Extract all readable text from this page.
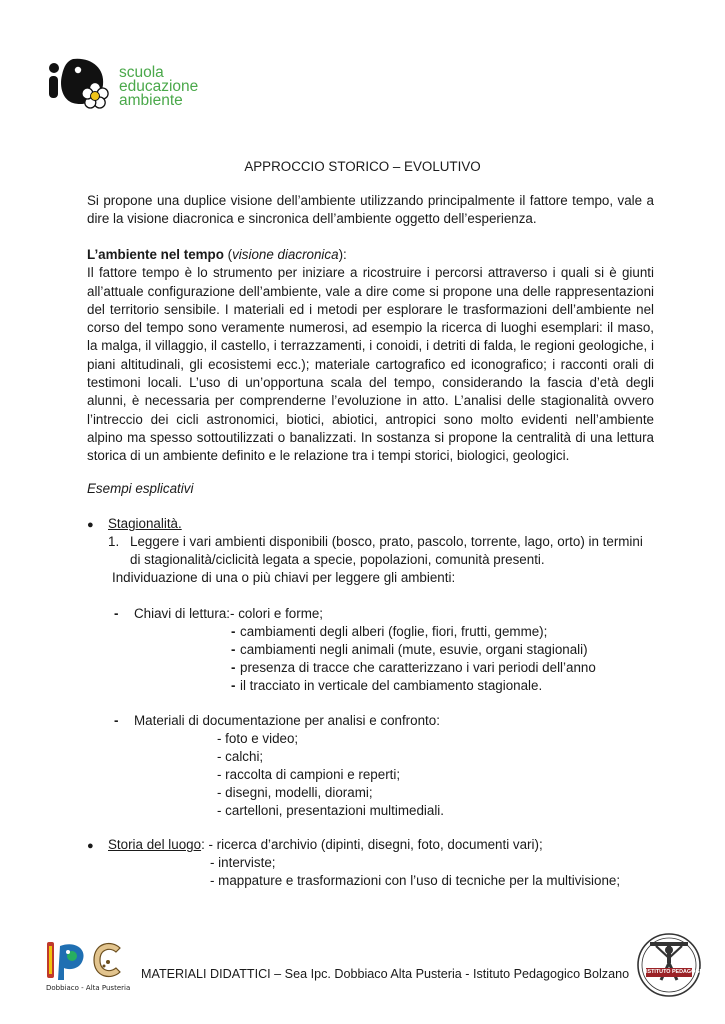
scuola
educazione
ambiente
APPROCCIO STORICO – EVOLUTIVO
Si propone una duplice visione dell’ambiente utilizzando principalmente il fattore tempo, vale a
dire la visione diacronica e sincronica dell’ambiente oggetto dell’esperienza.
L’ambiente nel tempo (visione diacronica):
Il fattore tempo è lo strumento per iniziare a ricostruire i percorsi attraverso i quali si è giunti
all’attuale configurazione dell’ambiente, vale a dire come si propone una delle rappresentazioni
del territorio sensibile. I materiali ed i metodi per esplorare le trasformazioni dell’ambiente nel
corso del tempo sono veramente numerosi, ad esempio la ricerca di luoghi esemplari: il maso,
la malga, il villaggio, il castello, i terrazzamenti, i conoidi, i detriti di falda, le regioni geologiche, i
piani altitudinali, gli ecosistemi ecc.); materiale cartografico ed iconografico; i racconti orali di
testimoni locali. L’uso di un’opportuna scala del tempo, considerando la fascia d’età degli
alunni, è necessaria per comprenderne l’evoluzione in atto. L’analisi delle stagionalità ovvero
l’intreccio dei cicli astronomici, biotici, abiotici, antropici sono molto evidenti nell’ambiente
alpino ma spesso sottoutilizzati o banalizzati. In sostanza si propone la centralità di una lettura
storica di un ambiente definito e le relazione tra i tempi storici, biologici, geologici.
Esempi esplicativi
● Stagionalità.
1. Leggere i vari ambienti disponibili (bosco, prato, pascolo, torrente, lago, orto) in termini
di stagionalità/ciclicità legata a specie, popolazioni, comunità presenti.
Individuazione di una o più chiavi per leggere gli ambienti:
- Chiavi di lettura:- colori e forme;
- cambiamenti degli alberi (foglie, fiori, frutti, gemme);
- cambiamenti negli animali (mute, esuvie, organi stagionali)
- presenza di tracce che caratterizzano i vari periodi dell’anno
- il tracciato in verticale del cambiamento stagionale.
- Materiali di documentazione per analisi e confronto:
- foto e video;
- calchi;
- raccolta di campioni e reperti;
- disegni, modelli, diorami;
- cartelloni, presentazioni multimediali.
● Storia del luogo: - ricerca d’archivio (dipinti, disegni, foto, documenti vari);
- interviste;
- mappature e trasformazioni con l’uso di tecniche per la multivisione;
Dobbiaco - Alta Pusteria
MATERIALI DIDATTICI – Sea Ipc. Dobbiaco Alta Pusteria - Istituto Pedagogico Bolzano	ISTITUTO PEDAGOGICO
